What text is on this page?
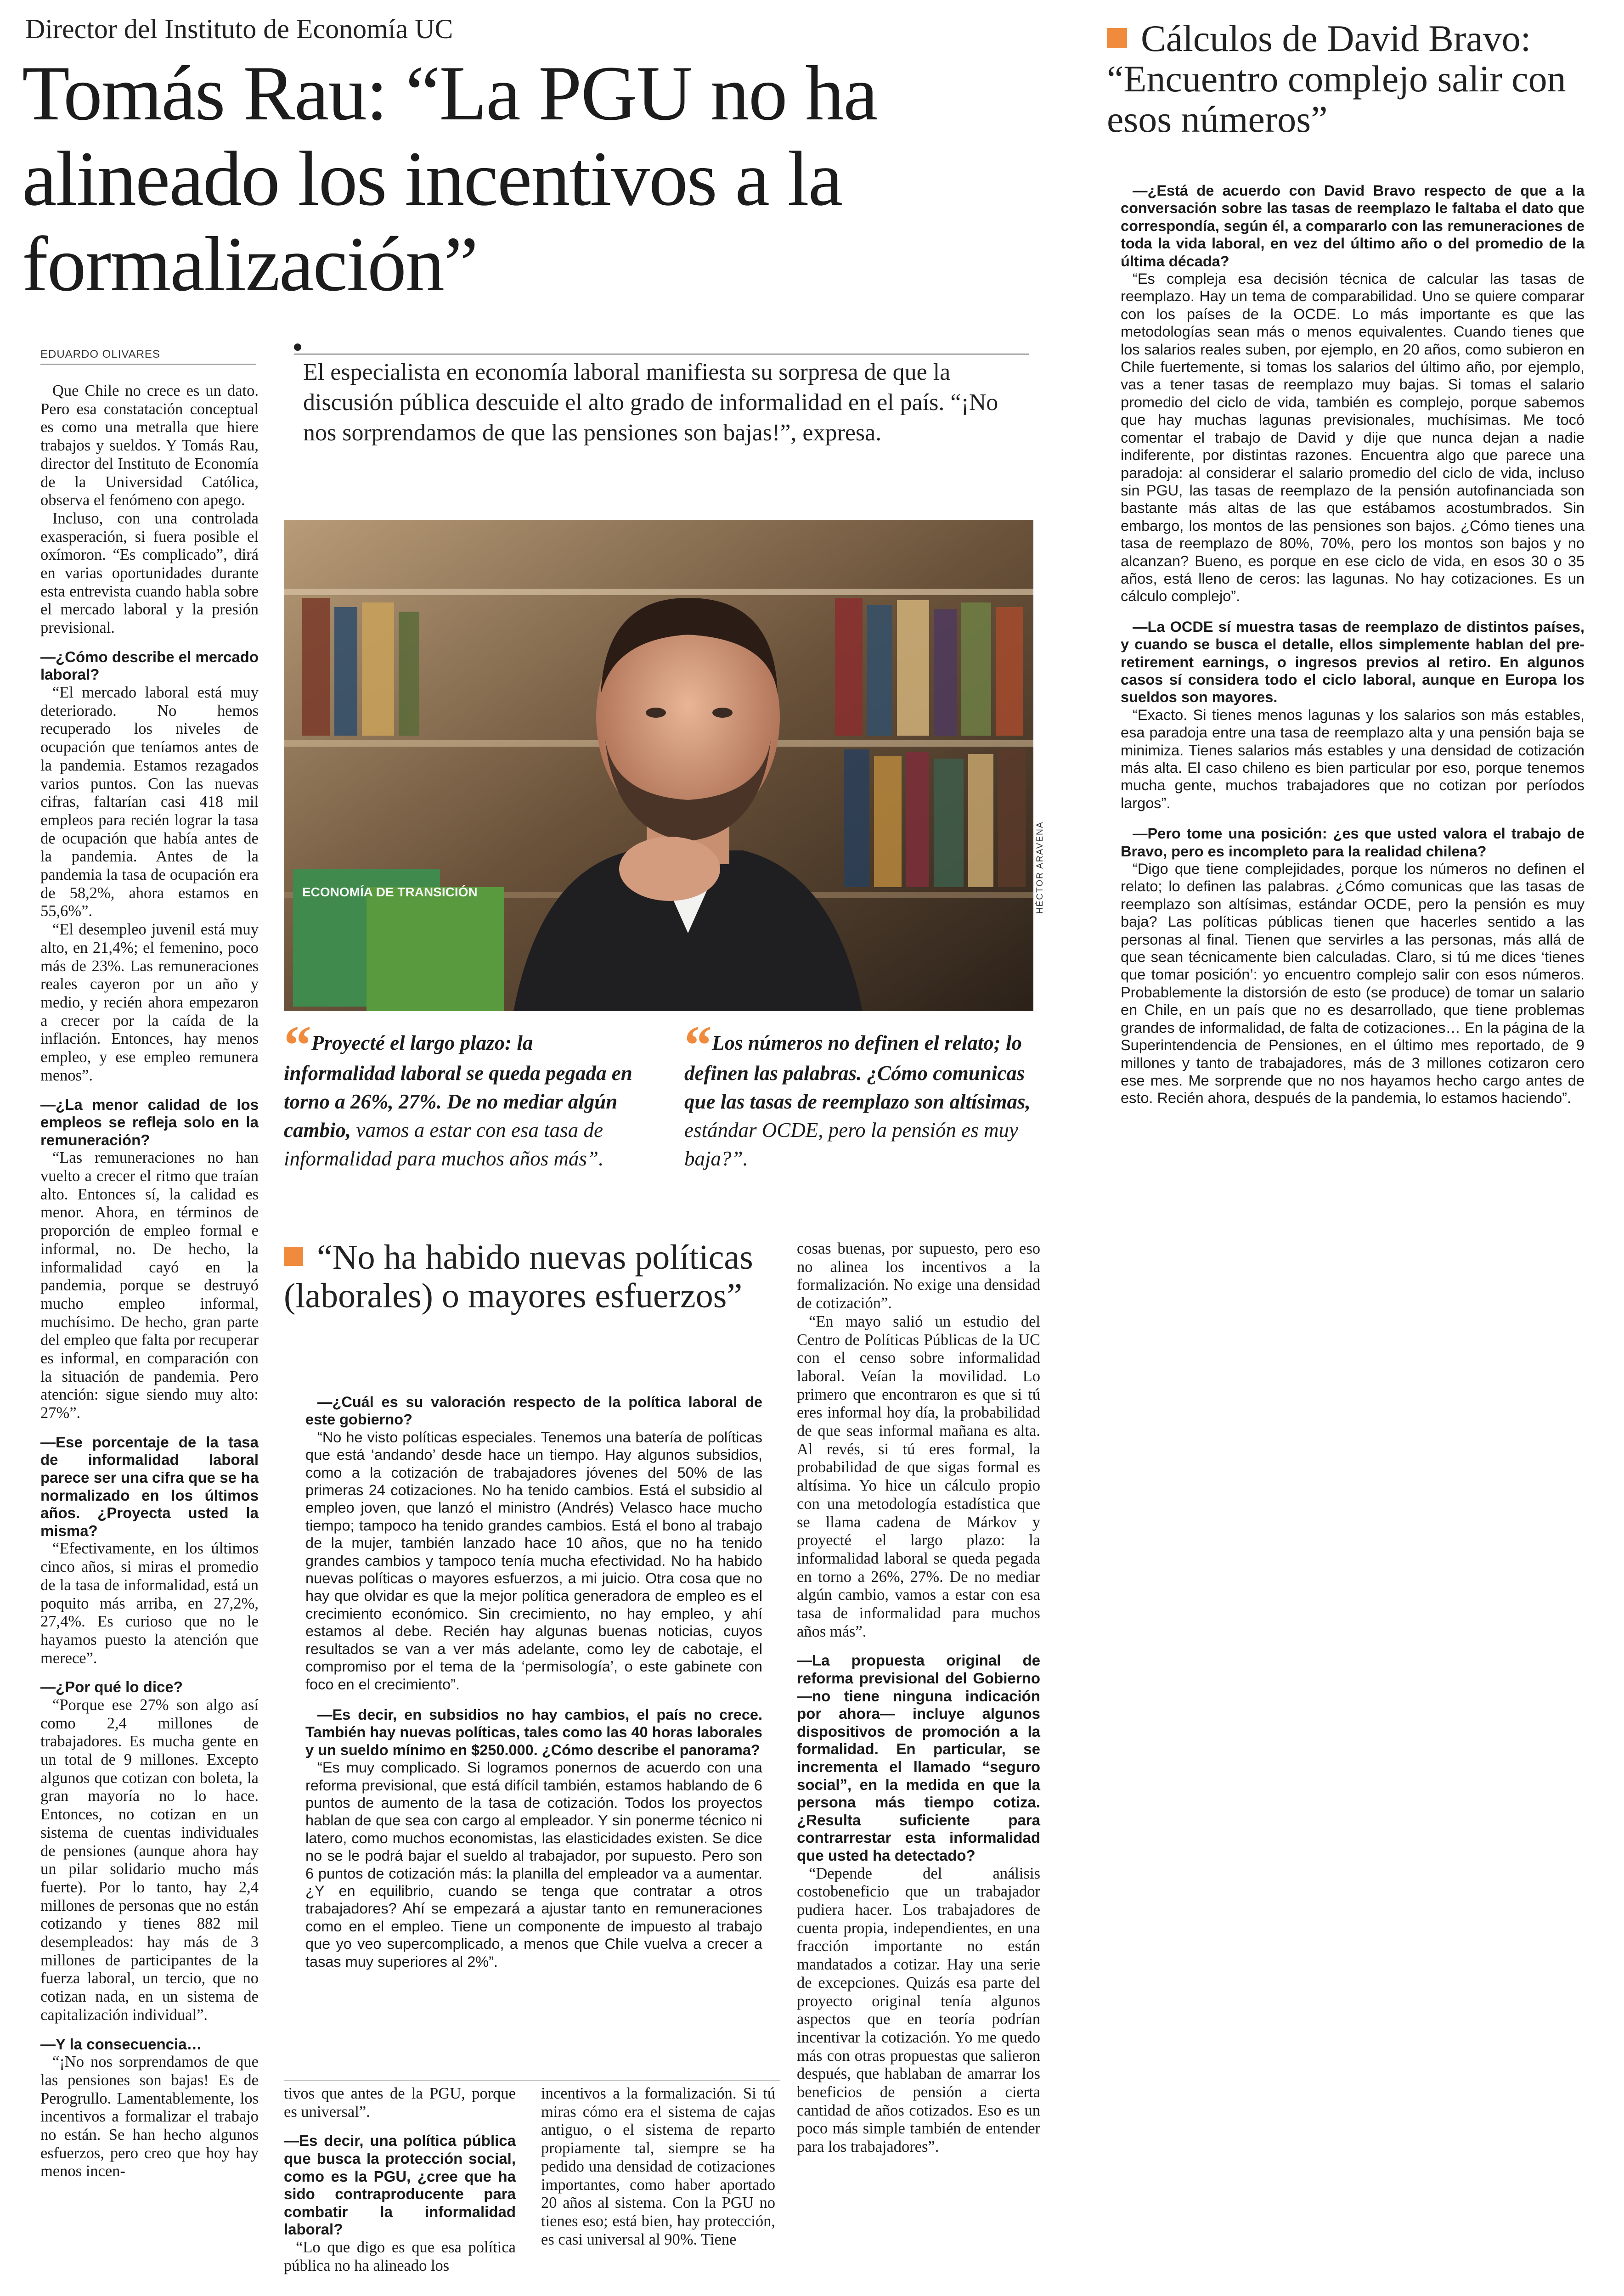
Director del Instituto de Economía UC
Tomás Rau: “La PGU no ha alineado los incentivos a la formalización”
EDUARDO OLIVARES
El especialista en economía laboral manifiesta su sorpresa de que la discusión pública descuide el alto grado de informalidad en el país. “¡No nos sorprendamos de que las pensiones son bajas!”, expresa.
ECONOMÍA DE TRANSICIÓN	HÉCTOR ARAVENA
“ Proyecté el largo plazo: la informalidad laboral se queda pegada en torno a 26%, 27%. De no mediar algún cambio, vamos a estar con esa tasa de informalidad para muchos años más”.
“ Los números no definen el relato; lo definen las palabras. ¿Cómo comunicas que las tasas de reemplazo son altísimas, estándar OCDE, pero la pensión es muy baja?”.

Que Chile no crece es un dato. Pero esa constatación conceptual es como una metralla que hiere trabajos y sueldos. Y Tomás Rau, director del Instituto de Economía de la Universidad Católica, observa el fenómeno con apego.

Incluso, con una controlada exasperación, si fuera posible el oxímoron. “Es complicado”, dirá en varias oportunidades durante esta entrevista cuando habla sobre el mercado laboral y la presión previsional.

—¿Cómo describe el mercado laboral?

“El mercado laboral está muy deteriorado. No hemos recuperado los niveles de ocupación que teníamos antes de la pandemia. Estamos rezagados varios puntos. Con las nuevas cifras, faltarían casi 418 mil empleos para recién lograr la tasa de ocupación que había antes de la pandemia. Antes de la pandemia la tasa de ocupación era de 58,2%, ahora estamos en 55,6%”.

“El desempleo juvenil está muy alto, en 21,4%; el femenino, poco más de 23%. Las remuneraciones reales cayeron por un año y medio, y recién ahora empezaron a crecer por la caída de la inflación. Entonces, hay menos empleo, y ese empleo remunera menos”.

—¿La menor calidad de los empleos se refleja solo en la remuneración?

“Las remuneraciones no han vuelto a crecer el ritmo que traían alto. Entonces sí, la calidad es menor. Ahora, en términos de proporción de empleo formal e informal, no. De hecho, la informalidad cayó en la pandemia, porque se destruyó mucho empleo informal, muchísimo. De hecho, gran parte del empleo que falta por recuperar es informal, en comparación con la situación de pandemia. Pero atención: sigue siendo muy alto: 27%”.

—Ese porcentaje de la tasa de informalidad laboral parece ser una cifra que se ha normalizado en los últimos años. ¿Proyecta usted la misma?

“Efectivamente, en los últimos cinco años, si miras el promedio de la tasa de informalidad, está un poquito más arriba, en 27,2%, 27,4%. Es curioso que no le hayamos puesto la atención que merece”.

—¿Por qué lo dice?

“Porque ese 27% son algo así como 2,4 millones de trabajadores. Es mucha gente en un total de 9 millones. Excepto algunos que cotizan con boleta, la gran mayoría no lo hace. Entonces, no cotizan en un sistema de cuentas individuales de pensiones (aunque ahora hay un pilar solidario mucho más fuerte). Por lo tanto, hay 2,4 millones de personas que no están cotizando y tienes 882 mil desempleados: hay más de 3 millones de participantes de la fuerza laboral, un tercio, que no cotizan nada, en un sistema de capitalización individual”.

—Y la consecuencia…

“¡No nos sorprendamos de que las pensiones son bajas! Es de Perogrullo. Lamentablemente, los incentivos a formalizar el trabajo no están. Se han hecho algunos esfuerzos, pero creo que hoy hay menos incen-

“No ha habido nuevas políticas (laborales) o mayores esfuerzos”

—¿Cuál es su valoración respecto de la política laboral de este gobierno?

“No he visto políticas especiales. Tenemos una batería de políticas que está ‘andando’ desde hace un tiempo. Hay algunos subsidios, como a la cotización de trabajadores jóvenes del 50% de las primeras 24 cotizaciones. No ha tenido cambios. Está el subsidio al empleo joven, que lanzó el ministro (Andrés) Velasco hace mucho tiempo; tampoco ha tenido grandes cambios. Está el bono al trabajo de la mujer, también lanzado hace 10 años, que no ha tenido grandes cambios y tampoco tenía mucha efectividad. No ha habido nuevas políticas o mayores esfuerzos, a mi juicio. Otra cosa que no hay que olvidar es que la mejor política generadora de empleo es el crecimiento económico. Sin crecimiento, no hay empleo, y ahí estamos al debe. Recién hay algunas buenas noticias, cuyos resultados se van a ver más adelante, como ley de cabotaje, el compromiso por el tema de la ‘permisología’, o este gabinete con foco en el crecimiento”.

—Es decir, en subsidios no hay cambios, el país no crece. También hay nuevas políticas, tales como las 40 horas laborales y un sueldo mínimo en $250.000. ¿Cómo describe el panorama?

“Es muy complicado. Si logramos ponernos de acuerdo con una reforma previsional, que está difícil también, estamos hablando de 6 puntos de aumento de la tasa de cotización. Todos los proyectos hablan de que sea con cargo al empleador. Y sin ponerme técnico ni latero, como muchos economistas, las elasticidades existen. Se dice no se le podrá bajar el sueldo al trabajador, por supuesto. Pero son 6 puntos de cotización más: la planilla del empleador va a aumentar. ¿Y en equilibrio, cuando se tenga que contratar a otros trabajadores? Ahí se empezará a ajustar tanto en remuneraciones como en el empleo. Tiene un componente de impuesto al trabajo que yo veo supercomplicado, a menos que Chile vuelva a crecer a tasas muy superiores al 2%”.

tivos que antes de la PGU, porque es universal”.

—Es decir, una política pública que busca la protección social, como es la PGU, ¿cree que ha sido contraproducente para combatir la informalidad laboral?

“Lo que digo es que esa política pública no ha alineado los

incentivos a la formalización. Si tú miras cómo era el sistema de cajas antiguo, o el sistema de reparto propiamente tal, siempre se ha pedido una densidad de cotizaciones importantes, como haber aportado 20 años al sistema. Con la PGU no tienes eso; está bien, hay protección, es casi universal al 90%. Tiene

cosas buenas, por supuesto, pero eso no alinea los incentivos a la formalización. No exige una densidad de cotización”.

“En mayo salió un estudio del Centro de Políticas Públicas de la UC con el censo sobre informalidad laboral. Veían la movilidad. Lo primero que encontraron es que si tú eres informal hoy día, la probabilidad de que seas informal mañana es alta. Al revés, si tú eres formal, la probabilidad de que sigas formal es altísima. Yo hice un cálculo propio con una metodología estadística que se llama cadena de Márkov y proyecté el largo plazo: la informalidad laboral se queda pegada en torno a 26%, 27%. De no mediar algún cambio, vamos a estar con esa tasa de informalidad para muchos años más”.

—La propuesta original de reforma previsional del Gobierno —no tiene ninguna indicación por ahora— incluye algunos dispositivos de promoción a la formalidad. En particular, se incrementa el llamado “seguro social”, en la medida en que la persona más tiempo cotiza. ¿Resulta suficiente para contrarrestar esta informalidad que usted ha detectado?

“Depende del análisis costobeneficio que un trabajador pudiera hacer. Los trabajadores de cuenta propia, independientes, en una fracción importante no están mandatados a cotizar. Hay una serie de excepciones. Quizás esa parte del proyecto original tenía algunos aspectos que en teoría podrían incentivar la cotización. Yo me quedo más con otras propuestas que salieron después, que hablaban de amarrar los beneficios de pensión a cierta cantidad de años cotizados. Eso es un poco más simple también de entender para los trabajadores”.

Cálculos de David Bravo: “Encuentro complejo salir con esos números”

—¿Está de acuerdo con David Bravo respecto de que a la conversación sobre las tasas de reemplazo le faltaba el dato que correspondía, según él, a compararlo con las remuneraciones de toda la vida laboral, en vez del último año o del promedio de la última década?

“Es compleja esa decisión técnica de calcular las tasas de reemplazo. Hay un tema de comparabilidad. Uno se quiere comparar con los países de la OCDE. Lo más importante es que las metodologías sean más o menos equivalentes. Cuando tienes que los salarios reales suben, por ejemplo, en 20 años, como subieron en Chile fuertemente, si tomas los salarios del último año, por ejemplo, vas a tener tasas de reemplazo muy bajas. Si tomas el salario promedio del ciclo de vida, también es complejo, porque sabemos que hay muchas lagunas previsionales, muchísimas. Me tocó comentar el trabajo de David y dije que nunca dejan a nadie indiferente, por distintas razones. Encuentra algo que parece una paradoja: al considerar el salario promedio del ciclo de vida, incluso sin PGU, las tasas de reemplazo de la pensión autofinanciada son bastante más altas de las que estábamos acostumbrados. Sin embargo, los montos de las pensiones son bajos. ¿Cómo tienes una tasa de reemplazo de 80%, 70%, pero los montos son bajos y no alcanzan? Bueno, es porque en ese ciclo de vida, en esos 30 o 35 años, está lleno de ceros: las lagunas. No hay cotizaciones. Es un cálculo complejo”.

—La OCDE sí muestra tasas de reemplazo de distintos países, y cuando se busca el detalle, ellos simplemente hablan del pre-retirement earnings, o ingresos previos al retiro. En algunos casos sí considera todo el ciclo laboral, aunque en Europa los sueldos son mayores.

“Exacto. Si tienes menos lagunas y los salarios son más estables, esa paradoja entre una tasa de reemplazo alta y una pensión baja se minimiza. Tienes salarios más estables y una densidad de cotización más alta. El caso chileno es bien particular por eso, porque tenemos mucha gente, muchos trabajadores que no cotizan por períodos largos”.

—Pero tome una posición: ¿es que usted valora el trabajo de Bravo, pero es incompleto para la realidad chilena?

“Digo que tiene complejidades, porque los números no definen el relato; lo definen las palabras. ¿Cómo comunicas que las tasas de reemplazo son altísimas, estándar OCDE, pero la pensión es muy baja? Las políticas públicas tienen que hacerles sentido a las personas al final. Tienen que servirles a las personas, más allá de que sean técnicamente bien calculadas. Claro, si tú me dices ‘tienes que tomar posición’: yo encuentro complejo salir con esos números. Probablemente la distorsión de esto (se produce) de tomar un salario en Chile, en un país que no es desarrollado, que tiene problemas grandes de informalidad, de falta de cotizaciones… En la página de la Superintendencia de Pensiones, en el último mes reportado, de 9 millones y tanto de trabajadores, más de 3 millones cotizaron cero ese mes. Me sorprende que no nos hayamos hecho cargo antes de esto. Recién ahora, después de la pandemia, lo estamos haciendo”.
